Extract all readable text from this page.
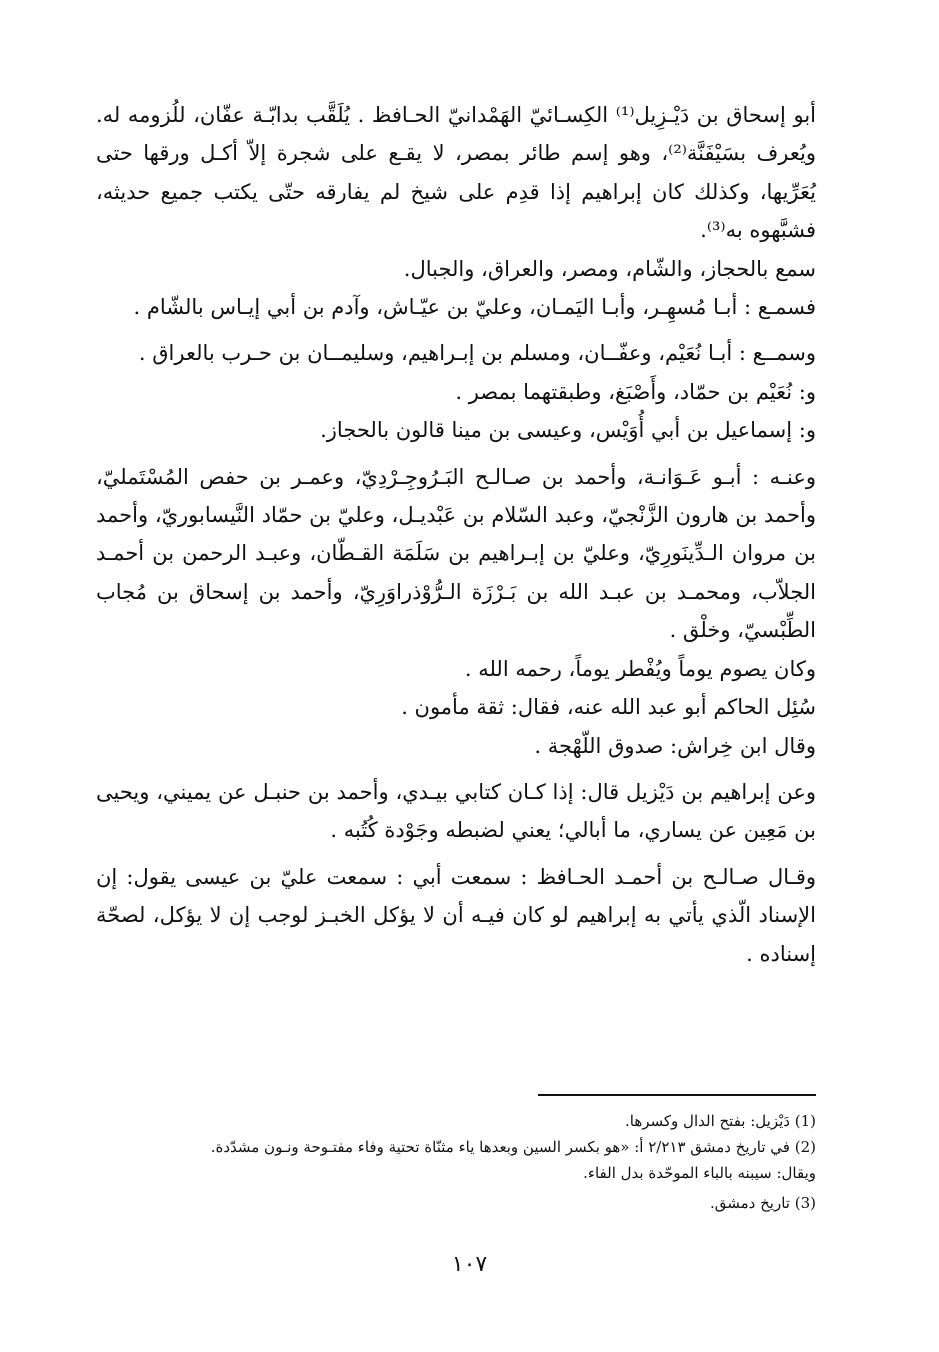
أبو إسحاق بن دَيْـزِيل⁽¹⁾ الكِسـائيّ الهَمْدانيّ الحـافظ . يُلَقَّب بدابّـة عفّان، للُزومه له. ويُعرف بسَيْفَنَّة⁽²⁾، وهو إسم طائر بمصر، لا يقـع على شجرة إلاّ أكـل ورقها حتى يُعَرِّيها، وكذلك كان إبراهيم إذا قدِم على شيخ لم يفارقه حتّى يكتب جميع حديثه، فشبَّهوه به⁽³⁾.

سمع بالحجاز، والشّام، ومصر، والعراق، والجبال.

فسمـع : أبـا مُسهِـر، وأبـا اليَمـان، وعليّ بن عيّـاش، وآدم بن أبي إيـاس بالشّام .

وسمــع : أبـا نُعَيْم، وعفّــان، ومسلم بن إبـراهيم، وسليمــان بن حـرب بالعراق .

و: نُعَيْم بن حمّاد، وأَصْبَغ، وطبقتهما بمصر .

و: إسماعيل بن أبي أُوَيْس، وعيسى بن مينا قالون بالحجاز.

وعنـه : أبـو عَـوَانـة، وأحمد بن صـالـح البَـرُوجِـرْدِيّ، وعمـر بن حفص المُسْتَمليّ، وأحمد بن هارون الزَّنْجيّ، وعبد السّلام بن عَبْديـل، وعليّ بن حمّاد النَّيسابوريّ، وأحمد بن مروان الـدِّينَورِيّ، وعليّ بن إبـراهيم بن سَلَمَة القـطّان، وعبـد الرحمن بن أحمـد الجلاّب، ومحمـد بن عبـد الله بن بَـرْزَة الـرُّوْذراوَرِيّ، وأحمد بن إسحاق بن مُجاب الطِّبْسيّ، وخلْق .

وكان يصوم يوماً ويُفْطر يوماً، رحمه الله .

سُئِل الحاكم أبو عبد الله عنه، فقال: ثقة مأمون .

وقال ابن خِراش: صدوق اللّهْجة .

وعن إبراهيم بن دَيْزيل قال: إذا كـان كتابي بيـدي، وأحمد بن حنبـل عن يميني، ويحيى بن مَعِين عن يساري، ما أبالي؛ يعني لضبطه وجَوْدة كُتُبه .

وقـال صـالـح بن أحمـد الحـافظ : سمعت أبي : سمعت عليّ بن عيسى يقول: إن الإسناد الّذي يأتي به إبراهيم لو كان فيـه أن لا يؤكل الخبـز لوجب إن لا يؤكل، لصحّة إسناده .

(1) دَيْزيل: بفتح الدال وكسرها.

(2) في تاريخ دمشق ٢/٢١٣ أ: «هو بكسر السين وبعدها ياء مثنّاة تحتية وفاء مفتـوحة ونـون مشدّدة.

ويقال: سيبنه بالباء الموحّدة بدل الفاء.

(3) تاريخ دمشق.

١٠٧
